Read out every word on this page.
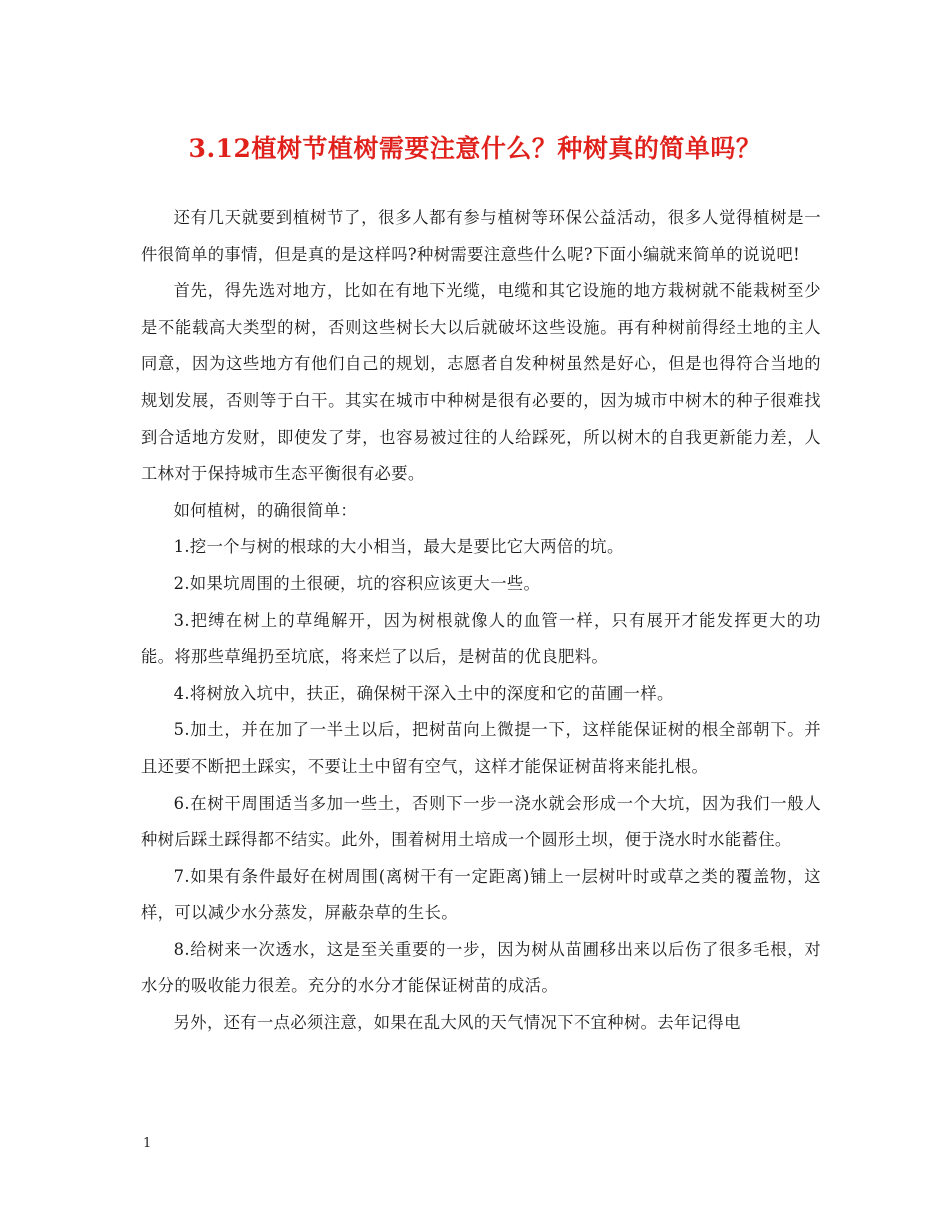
3.12植树节植树需要注意什么？种树真的简单吗？

还有几天就要到植树节了，很多人都有参与植树等环保公益活动，很多人觉得植树是一件很简单的事情，但是真的是这样吗?种树需要注意些什么呢?下面小编就来简单的说说吧!

首先，得先选对地方，比如在有地下光缆，电缆和其它设施的地方栽树就不能栽树至少是不能载高大类型的树，否则这些树长大以后就破坏这些设施。再有种树前得经土地的主人同意，因为这些地方有他们自己的规划，志愿者自发种树虽然是好心，但是也得符合当地的规划发展，否则等于白干。其实在城市中种树是很有必要的，因为城市中树木的种子很难找到合适地方发财，即使发了芽，也容易被过往的人给踩死，所以树木的自我更新能力差，人工林对于保持城市生态平衡很有必要。

如何植树，的确很简单：

1.挖一个与树的根球的大小相当，最大是要比它大两倍的坑。

2.如果坑周围的土很硬，坑的容积应该更大一些。

3.把缚在树上的草绳解开，因为树根就像人的血管一样，只有展开才能发挥更大的功能。将那些草绳扔至坑底，将来烂了以后，是树苗的优良肥料。

4.将树放入坑中，扶正，确保树干深入土中的深度和它的苗圃一样。

5.加土，并在加了一半土以后，把树苗向上微提一下，这样能保证树的根全部朝下。并且还要不断把土踩实，不要让土中留有空气，这样才能保证树苗将来能扎根。

6.在树干周围适当多加一些土，否则下一步一浇水就会形成一个大坑，因为我们一般人种树后踩土踩得都不结实。此外，围着树用土培成一个圆形土坝，便于浇水时水能蓄住。

7.如果有条件最好在树周围(离树干有一定距离)铺上一层树叶时或草之类的覆盖物，这样，可以减少水分蒸发，屏蔽杂草的生长。

8.给树来一次透水，这是至关重要的一步，因为树从苗圃移出来以后伤了很多毛根，对水分的吸收能力很差。充分的水分才能保证树苗的成活。

另外，还有一点必须注意，如果在乱大风的天气情况下不宜种树。去年记得电

1
